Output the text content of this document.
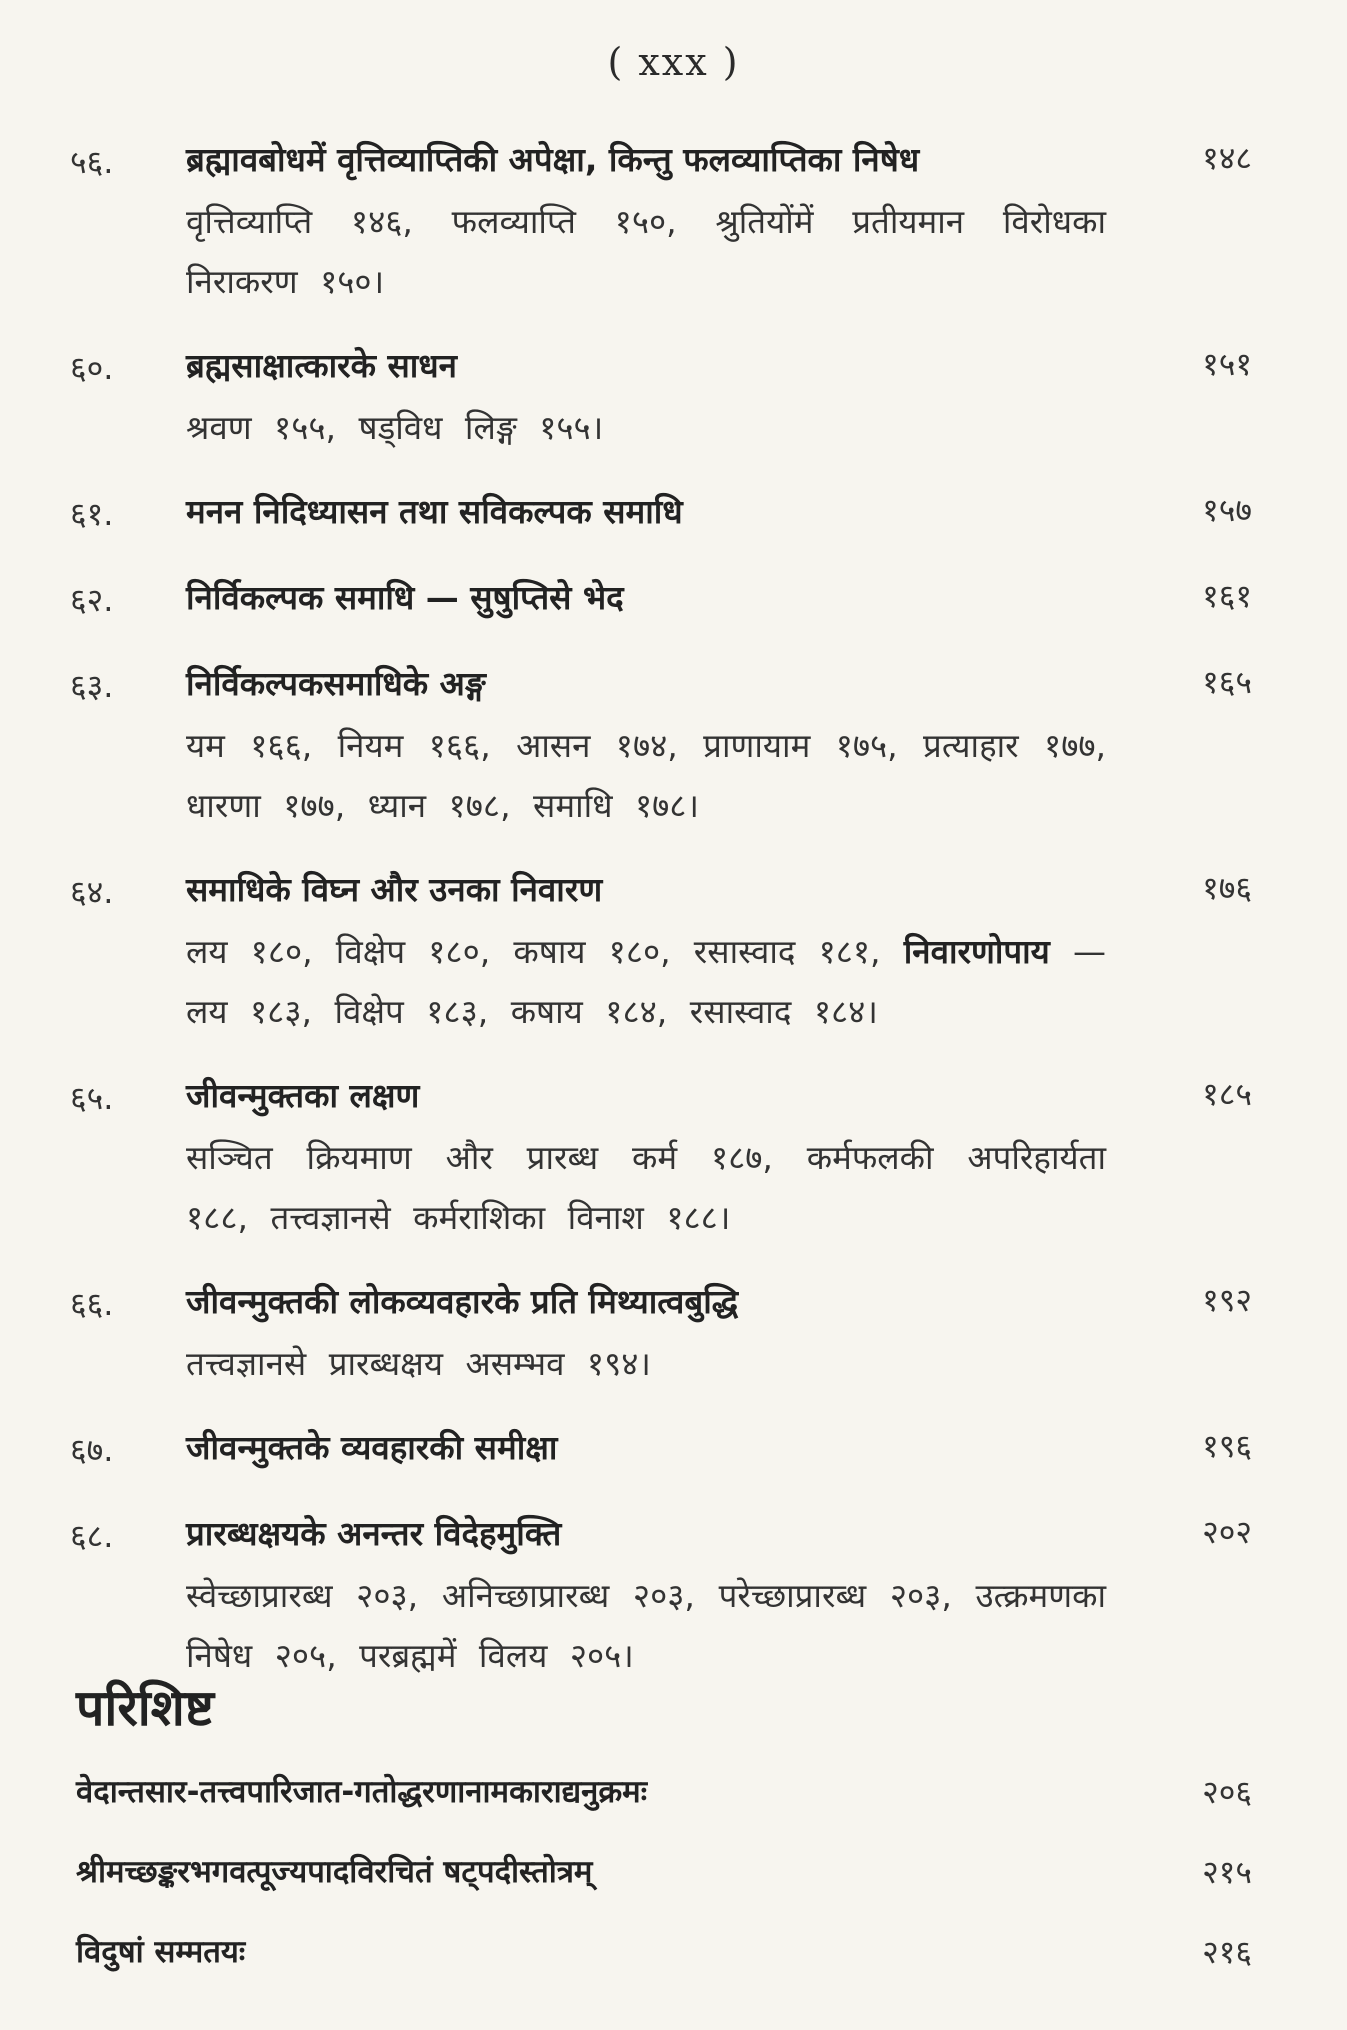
( xxx )
५६. ब्रह्मावबोधमें वृत्तिव्याप्तिकी अपेक्षा, किन्तु फलव्याप्तिका निषेध	१४८
वृत्तिव्याप्ति १४६, फलव्याप्ति १५०, श्रुतियोंमें प्रतीयमान विरोधका निराकरण १५०।
६०. ब्रह्मसाक्षात्कारके साधन	१५१
श्रवण १५५, षड्विध लिङ्ग १५५।
६१. मनन निदिध्यासन तथा सविकल्पक समाधि	१५७
६२. निर्विकल्पक समाधि — सुषुप्तिसे भेद	१६१
६३. निर्विकल्पकसमाधिके अङ्ग	१६५
यम १६६, नियम १६६, आसन १७४, प्राणायाम १७५, प्रत्याहार १७७, धारणा १७७, ध्यान १७८, समाधि १७८।
६४. समाधिके विघ्न और उनका निवारण	१७६
लय १८०, विक्षेप १८०, कषाय १८०, रसास्वाद १८१, निवारणोपाय — लय १८३, विक्षेप १८३, कषाय १८४, रसास्वाद १८४।
६५. जीवन्मुक्तका लक्षण	१८५
सञ्चित क्रियमाण और प्रारब्ध कर्म १८७, कर्मफलकी अपरिहार्यता १८८, तत्त्वज्ञानसे कर्मराशिका विनाश १८८।
६६. जीवन्मुक्तकी लोकव्यवहारके प्रति मिथ्यात्वबुद्धि	१९२
तत्त्वज्ञानसे प्रारब्धक्षय असम्भव १९४।
६७. जीवन्मुक्तके व्यवहारकी समीक्षा	१९६
६८. प्रारब्धक्षयके अनन्तर विदेहमुक्ति	२०२
स्वेच्छाप्रारब्ध २०३, अनिच्छाप्रारब्ध २०३, परेच्छाप्रारब्ध २०३, उत्क्रमणका निषेध २०५, परब्रह्ममें विलय २०५।
परिशिष्ट
वेदान्तसार-तत्त्वपारिजात-गतोद्धरणानामकाराद्यनुक्रमः	२०६
श्रीमच्छङ्करभगवत्पूज्यपादविरचितं षट्पदीस्तोत्रम्	२१५
विदुषां सम्मतयः	२१६
